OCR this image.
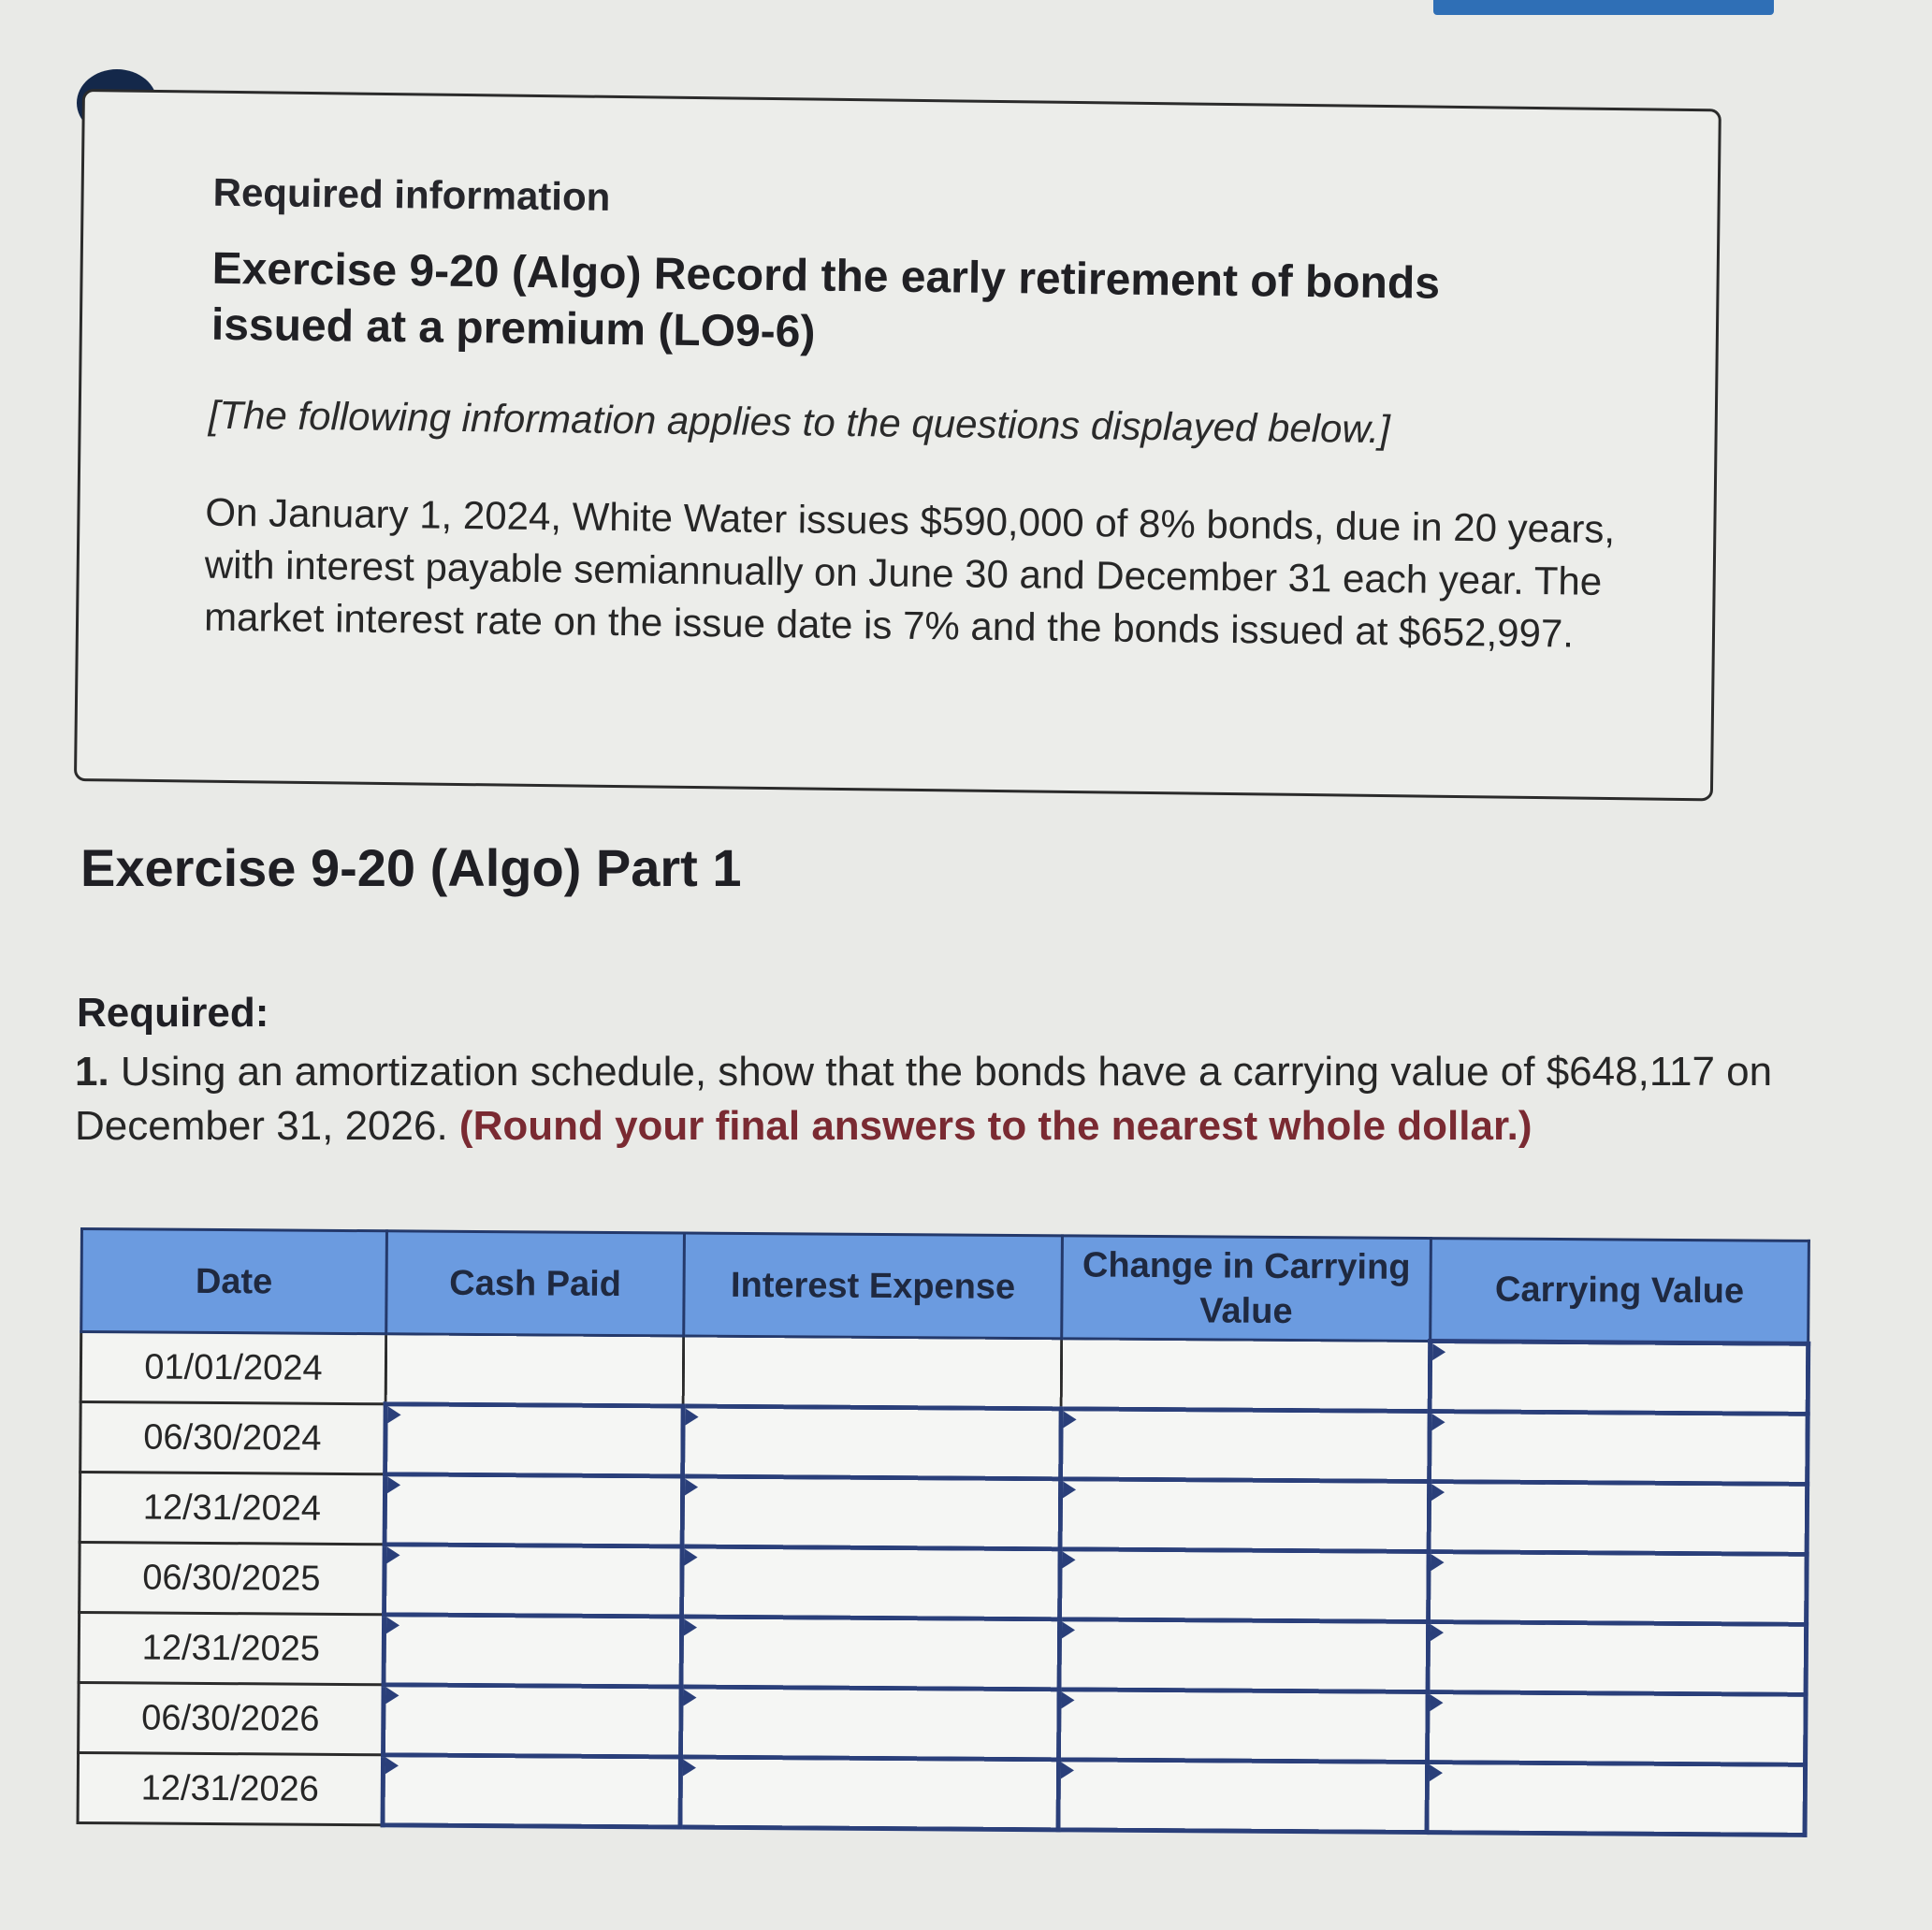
Required information
Exercise 9-20 (Algo) Record the early retirement of bonds issued at a premium (LO9-6)
[The following information applies to the questions displayed below.]
On January 1, 2024, White Water issues $590,000 of 8% bonds, due in 20 years, with interest payable semiannually on June 30 and December 31 each year. The market interest rate on the issue date is 7% and the bonds issued at $652,997.
Exercise 9-20 (Algo) Part 1
Required:
1. Using an amortization schedule, show that the bonds have a carrying value of $648,117 on December 31, 2026. (Round your final answers to the nearest whole dollar.)
Date	Cash Paid	Interest Expense	Change in Carrying Value	Carrying Value
01/01/2024				
06/30/2024				
12/31/2024				
06/30/2025				
12/31/2025				
06/30/2026				
12/31/2026				
